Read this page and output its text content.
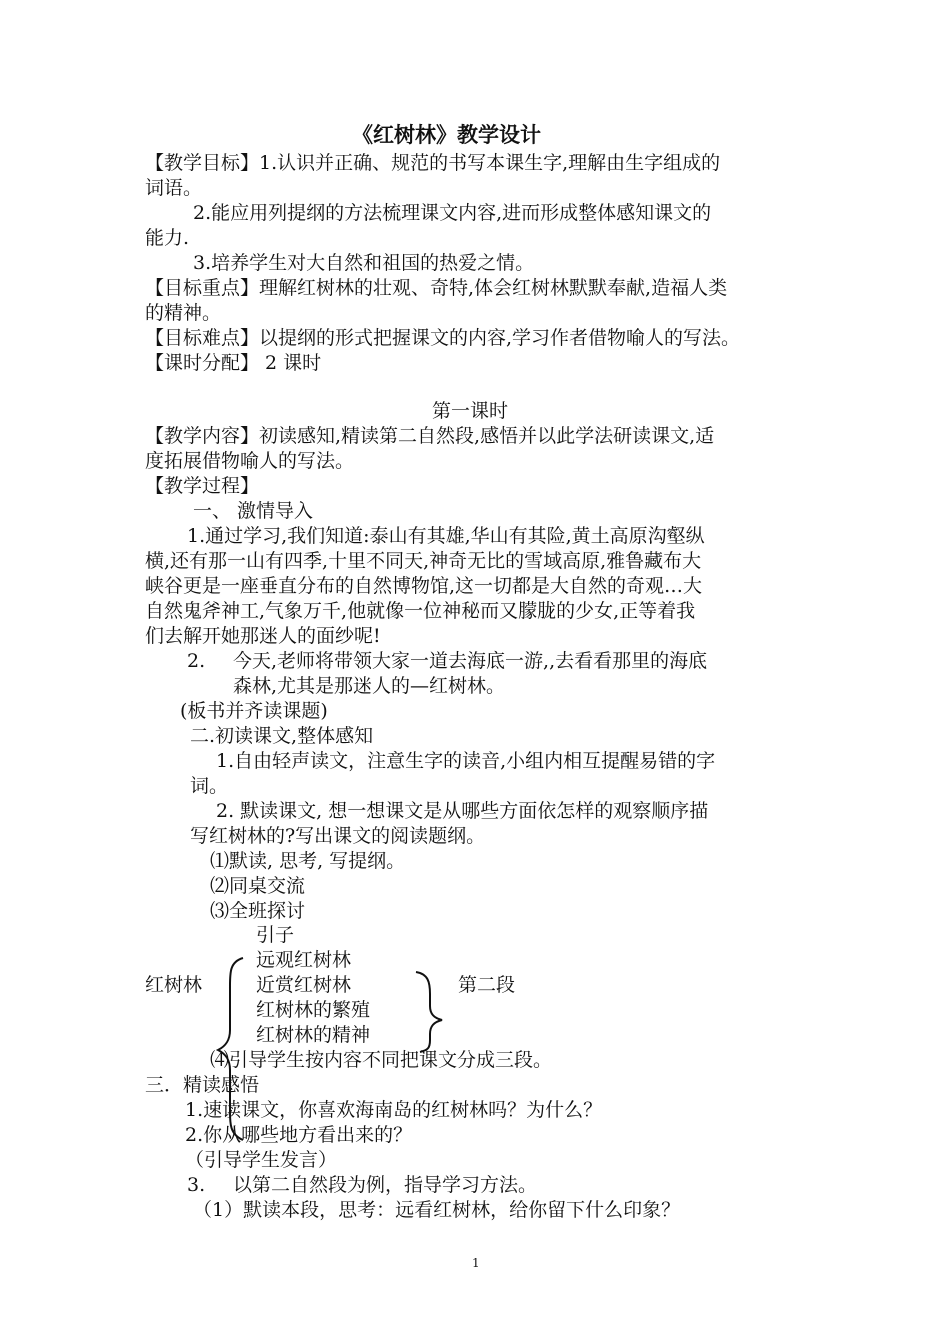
《红树林》教学设计
【教学目标】1.认识并正确、规范的书写本课生字,理解由生字组成的
词语。
2.能应用列提纲的方法梳理课文内容,进而形成整体感知课文的
能力.
3.培养学生对大自然和祖国的热爱之情。
【目标重点】理解红树林的壮观、奇特,体会红树林默默奉献,造福人类
的精神。
【目标难点】以提纲的形式把握课文的内容,学习作者借物喻人的写法。
【课时分配】 2 课时
第一课时
【教学内容】初读感知,精读第二自然段,感悟并以此学法研读课文,适
度拓展借物喻人的写法。
【教学过程】
一、 激情导入
1.通过学习,我们知道:泰山有其雄,华山有其险,黄土高原沟壑纵
横,还有那一山有四季,十里不同天,神奇无比的雪域高原,雅鲁藏布大
峡谷更是一座垂直分布的自然博物馆,这一切都是大自然的奇观…大
自然鬼斧神工,气象万千,他就像一位神秘而又朦胧的少女,正等着我
们去解开她那迷人的面纱呢!
2. 今天,老师将带领大家一道去海底一游,,去看看那里的海底
森林,尤其是那迷人的—红树林。
(板书并齐读课题)
二.初读课文,整体感知
1.自由轻声读文，注意生字的读音,小组内相互提醒易错的字
词。
2. 默读课文, 想一想课文是从哪些方面依怎样的观察顺序描
写红树林的?写出课文的阅读题纲。
⑴默读, 思考, 写提纲。
⑵同桌交流
⑶全班探讨
红树林
引子
远观红树林
近赏红树林
红树林的繁殖
红树林的精神
第二段
⑷引导学生按内容不同把课文分成三段。
三．精读感悟
1.速读课文，你喜欢海南岛的红树林吗？为什么？
2.你从哪些地方看出来的？
（引导学生发言）
3. 以第二自然段为例，指导学习方法。
（1）默读本段，思考：远看红树林，给你留下什么印象？
1
